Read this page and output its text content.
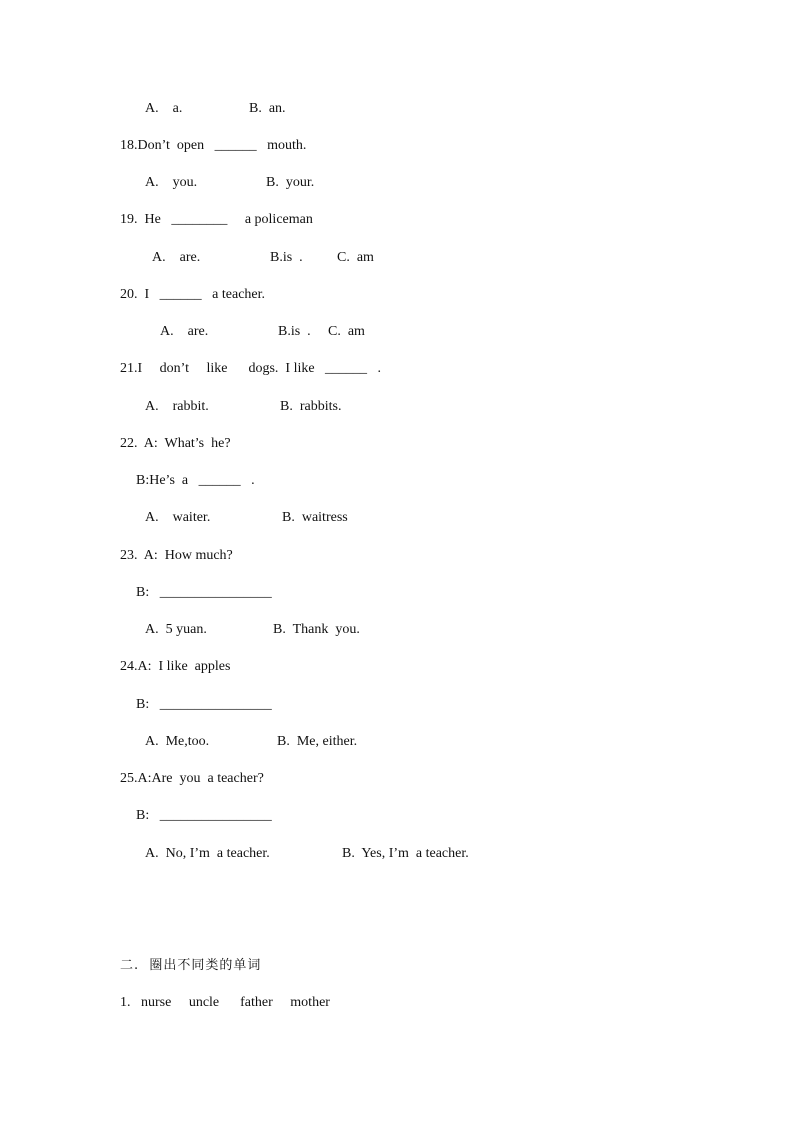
A.    a.	B.  an.
18.Don’t  open   ______   mouth.
A.    you.	B.  your.
19.  He   ________     a policeman
A.    are.	B.is  . C.  am
20.  I   ______   a teacher.
A.    are.	B.is  . C.  am
21.I     don’t     like      dogs.  I like   ______   .
A.    rabbit.	B.  rabbits.
22.  A:  What’s  he?
B:He’s  a   ______   .
A.    waiter.	B.  waitress
23.  A:  How much?
B:   ________________
A.  5 yuan.	B.  Thank  you.
24.A:  I like  apples
B:   ________________
A.  Me,too.	B.  Me, either.
25.A:Are  you  a teacher?
B:   ________________
A.  No, I’m  a teacher.	B.  Yes, I’m  a teacher.
二.  圈出不同类的单词
1.   nurse     uncle      father     mother
